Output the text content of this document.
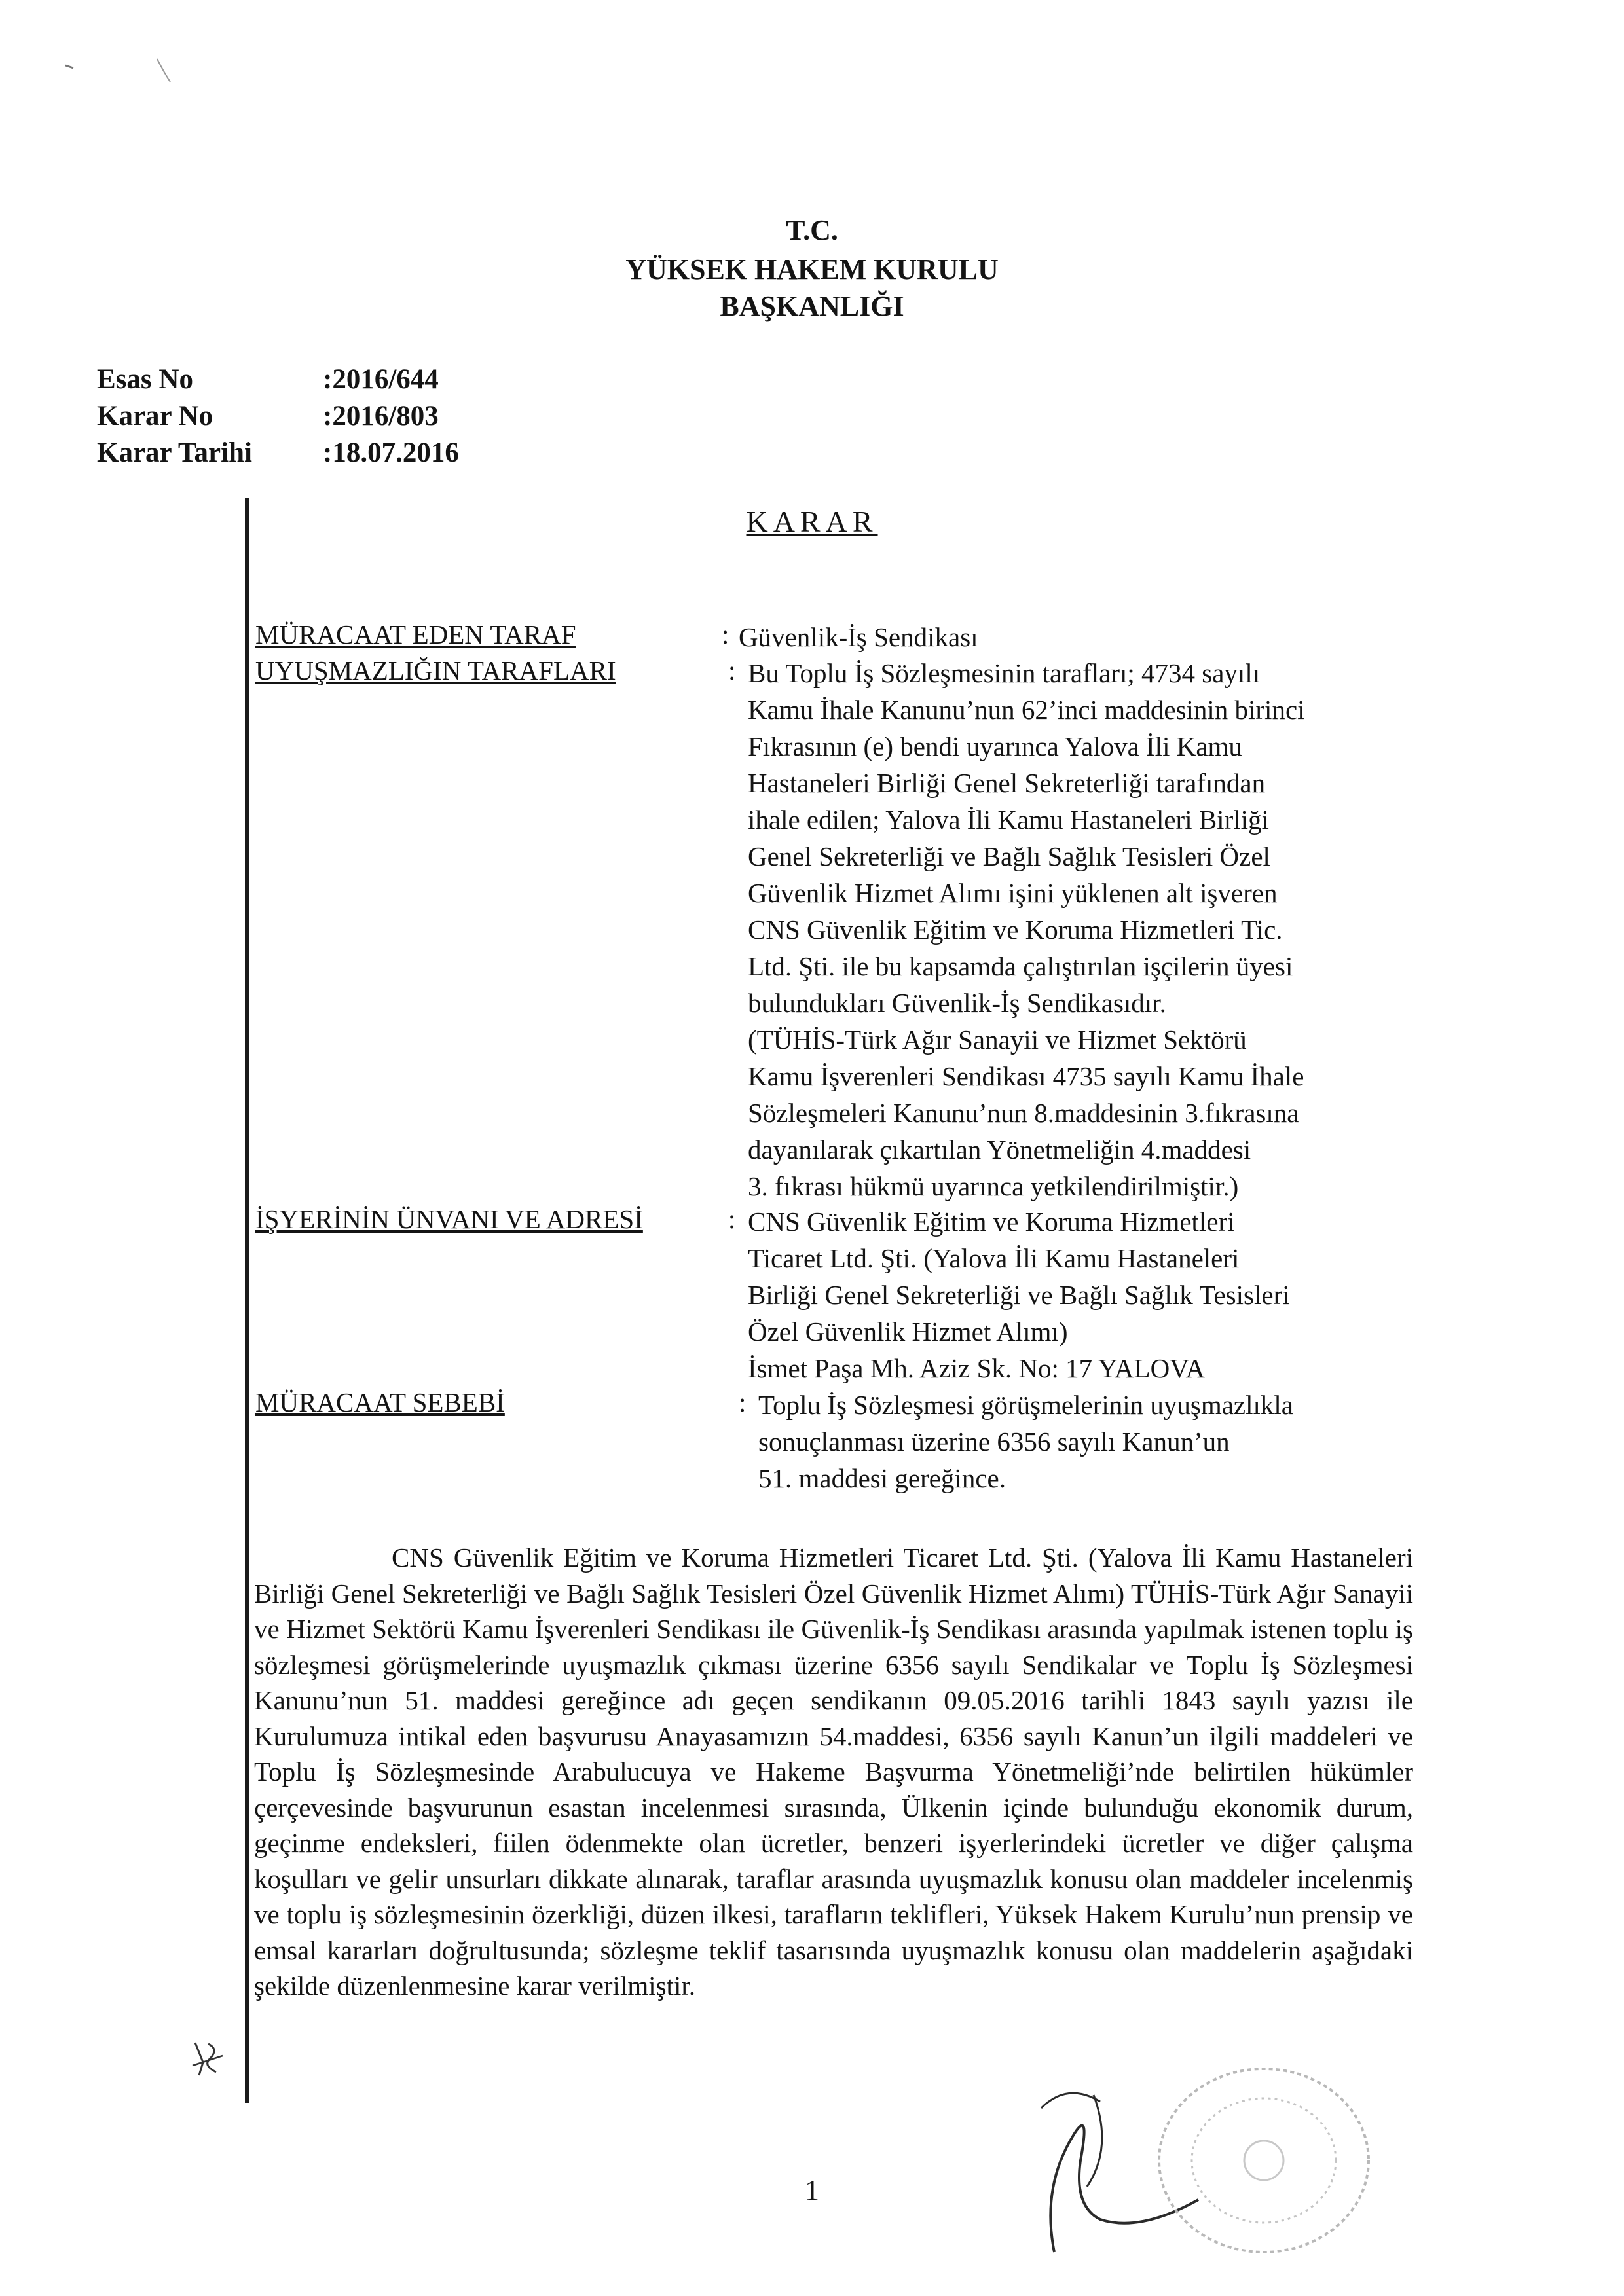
T.C.
YÜKSEK HAKEM KURULU
BAŞKANLIĞI
Esas No	:2016/644
Karar No	:2016/803
Karar Tarihi	:18.07.2016
KARAR
MÜRACAAT EDEN TARAF	: Güvenlik-İş Sendikası
UYUŞMAZLIĞIN TARAFLARI	: Bu Toplu İş Sözleşmesinin tarafları; 4734 sayılı
Kamu İhale Kanunu’nun 62’inci maddesinin birinci
Fıkrasının (e) bendi uyarınca Yalova İli Kamu
Hastaneleri Birliği Genel Sekreterliği tarafından
ihale edilen; Yalova İli Kamu Hastaneleri Birliği
Genel Sekreterliği ve Bağlı Sağlık Tesisleri Özel
Güvenlik Hizmet Alımı işini yüklenen alt işveren
CNS Güvenlik Eğitim ve Koruma Hizmetleri Tic.
Ltd. Şti. ile bu kapsamda çalıştırılan işçilerin üyesi
bulundukları Güvenlik-İş Sendikasıdır.
(TÜHİS-Türk Ağır Sanayii ve Hizmet Sektörü
Kamu İşverenleri Sendikası 4735 sayılı Kamu İhale
Sözleşmeleri Kanunu’nun 8.maddesinin 3.fıkrasına
dayanılarak çıkartılan Yönetmeliğin 4.maddesi
3. fıkrası hükmü uyarınca yetkilendirilmiştir.)
İŞYERİNİN ÜNVANI VE ADRESİ	: CNS Güvenlik Eğitim ve Koruma Hizmetleri
Ticaret Ltd. Şti. (Yalova İli Kamu Hastaneleri
Birliği Genel Sekreterliği ve Bağlı Sağlık Tesisleri
Özel Güvenlik Hizmet Alımı)
İsmet Paşa Mh. Aziz Sk. No: 17 YALOVA
MÜRACAAT SEBEBİ	: Toplu İş Sözleşmesi görüşmelerinin uyuşmazlıkla
sonuçlanması üzerine 6356 sayılı Kanun’un
51. maddesi gereğince.
CNS Güvenlik Eğitim ve Koruma Hizmetleri Ticaret Ltd. Şti. (Yalova İli Kamu Hastaneleri Birliği Genel Sekreterliği ve Bağlı Sağlık Tesisleri Özel Güvenlik Hizmet Alımı) TÜHİS-Türk Ağır Sanayii ve Hizmet Sektörü Kamu İşverenleri Sendikası ile Güvenlik-İş Sendikası arasında yapılmak istenen toplu iş sözleşmesi görüşmelerinde uyuşmazlık çıkması üzerine 6356 sayılı Sendikalar ve Toplu İş Sözleşmesi Kanunu’nun 51. maddesi gereğince adı geçen sendikanın 09.05.2016 tarihli 1843 sayılı yazısı ile Kurulumuza intikal eden başvurusu Anayasamızın 54.maddesi, 6356 sayılı Kanun’un ilgili maddeleri ve Toplu İş Sözleşmesinde Arabulucuya ve Hakeme Başvurma Yönetmeliği’nde belirtilen hükümler çerçevesinde başvurunun esastan incelenmesi sırasında, Ülkenin içinde bulunduğu ekonomik durum, geçinme endeksleri, fiilen ödenmekte olan ücretler, benzeri işyerlerindeki ücretler ve diğer çalışma koşulları ve gelir unsurları dikkate alınarak, taraflar arasında uyuşmazlık konusu olan maddeler incelenmiş ve toplu iş sözleşmesinin özerkliği, düzen ilkesi, tarafların teklifleri, Yüksek Hakem Kurulu’nun prensip ve emsal kararları doğrultusunda; sözleşme teklif tasarısında uyuşmazlık konusu olan maddelerin aşağıdaki şekilde düzenlenmesine karar verilmiştir.
1
